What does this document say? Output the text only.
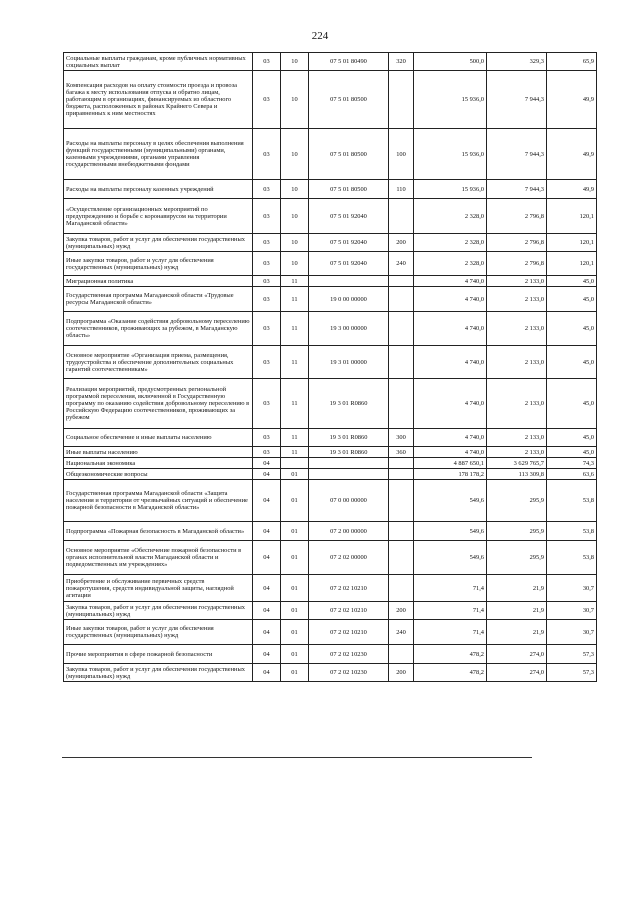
224
Социальные выплаты гражданам, кроме публичных нормативных социальных выплат	03	10	07 5 01 80490	320	500,0	329,3	65,9
Компенсация расходов на оплату стоимости проезда и провоза багажа к месту использования отпуска и обратно лицам, работающим в организациях, финансируемых из областного бюджета, расположенных в районах Крайнего Севера и приравненных к ним местностях	03	10	07 5 01 80500		15 936,0	7 944,3	49,9
Расходы на выплаты персоналу в целях обеспечения выполнения функций государственными (муниципальными) органами, казенными учреждениями, органами управления государственными внебюджетными фондами	03	10	07 5 01 80500	100	15 936,0	7 944,3	49,9
Расходы на выплаты персоналу казенных учреждений	03	10	07 5 01 80500	110	15 936,0	7 944,3	49,9
«Осуществление организационных мероприятий по предупреждению и борьбе с коронавирусом на территории Магаданской области»	03	10	07 5 01 92040		2 328,0	2 796,8	120,1
Закупка товаров, работ и услуг для обеспечения государственных (муниципальных) нужд	03	10	07 5 01 92040	200	2 328,0	2 796,8	120,1
Иные закупки товаров, работ и услуг для обеспечения государственных (муниципальных) нужд	03	10	07 5 01 92040	240	2 328,0	2 796,8	120,1
Миграционная политика	03	11			4 740,0	2 133,0	45,0
Государственная программа Магаданской области «Трудовые ресурсы Магаданской области»	03	11	19 0 00 00000		4 740,0	2 133,0	45,0
Подпрограмма «Оказание содействия добровольному переселению соотечественников, проживающих за рубежом, в Магаданскую область»	03	11	19 3 00 00000		4 740,0	2 133,0	45,0
Основное мероприятие «Организация приема, размещения, трудоустройства и обеспечение дополнительных социальных гарантий соотечественникам»	03	11	19 3 01 00000		4 740,0	2 133,0	45,0
Реализация мероприятий, предусмотренных региональной программой переселения, включенной в Государственную программу по оказанию содействия добровольному переселению в Российскую Федерацию соотечественников, проживающих за рубежом	03	11	19 3 01 R0860		4 740,0	2 133,0	45,0
Социальное обеспечение и иные выплаты населению	03	11	19 3 01 R0860	300	4 740,0	2 133,0	45,0
Иные выплаты населению	03	11	19 3 01 R0860	360	4 740,0	2 133,0	45,0
Национальная экономика	04				4 887 650,1	3 629 765,7	74,3
Общеэкономические вопросы	04	01			178 178,2	113 309,8	63,6
Государственная программа Магаданской области «Защита населения и территории от чрезвычайных ситуаций и обеспечение пожарной безопасности в Магаданской области»	04	01	07 0 00 00000		549,6	295,9	53,8
Подпрограмма «Пожарная безопасность в Магаданской области»	04	01	07 2 00 00000		549,6	295,9	53,8
Основное мероприятие «Обеспечение пожарной безопасности в органах исполнительной власти Магаданской области и подведомственных им учреждениях»	04	01	07 2 02 00000		549,6	295,9	53,8
Приобретение и обслуживание первичных средств пожаротушения, средств индивидуальной защиты, наглядной агитации	04	01	07 2 02 10210		71,4	21,9	30,7
Закупка товаров, работ и услуг для обеспечения государственных (муниципальных) нужд	04	01	07 2 02 10210	200	71,4	21,9	30,7
Иные закупки товаров, работ и услуг для обеспечения государственных (муниципальных) нужд	04	01	07 2 02 10210	240	71,4	21,9	30,7
Прочие мероприятия в сфере пожарной безопасности	04	01	07 2 02 10230		478,2	274,0	57,3
Закупка товаров, работ и услуг для обеспечения государственных (муниципальных) нужд	04	01	07 2 02 10230	200	478,2	274,0	57,3
